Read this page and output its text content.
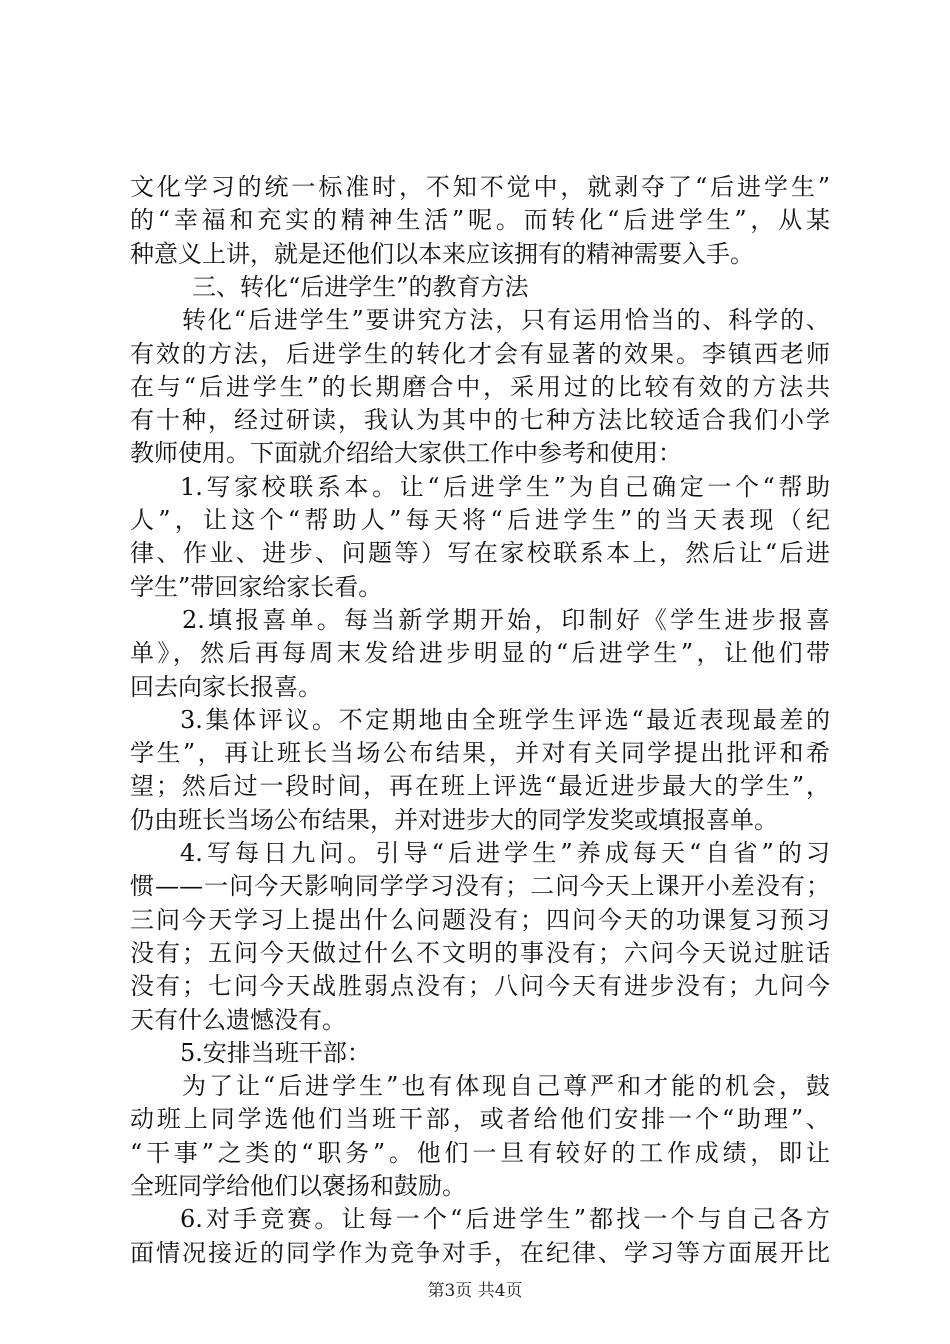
文化学习的统一标准时，不知不觉中，就剥夺了“后进学生”
的“幸福和充实的精神生活”呢。而转化“后进学生”，从某
种意义上讲，就是还他们以本来应该拥有的精神需要入手。
三、转化“后进学生”的教育方法
转化“后进学生”要讲究方法，只有运用恰当的、科学的、
有效的方法，后进学生的转化才会有显著的效果。李镇西老师
在与“后进学生”的长期磨合中，采用过的比较有效的方法共
有十种，经过研读，我认为其中的七种方法比较适合我们小学
教师使用。下面就介绍给大家供工作中参考和使用：
1.写家校联系本。让“后进学生”为自己确定一个“帮助
人”，让这个“帮助人”每天将“后进学生”的当天表现（纪
律、作业、进步、问题等）写在家校联系本上，然后让“后进
学生”带回家给家长看。
2.填报喜单。每当新学期开始，印制好《学生进步报喜
单》，然后再每周末发给进步明显的“后进学生”，让他们带
回去向家长报喜。
3.集体评议。不定期地由全班学生评选“最近表现最差的
学生”，再让班长当场公布结果，并对有关同学提出批评和希
望；然后过一段时间，再在班上评选“最近进步最大的学生”，
仍由班长当场公布结果，并对进步大的同学发奖或填报喜单。
4.写每日九问。引导“后进学生”养成每天“自省”的习
惯——一问今天影响同学学习没有；二问今天上课开小差没有；
三问今天学习上提出什么问题没有；四问今天的功课复习预习
没有；五问今天做过什么不文明的事没有；六问今天说过脏话
没有；七问今天战胜弱点没有；八问今天有进步没有；九问今
天有什么遗憾没有。
5.安排当班干部：
为了让“后进学生”也有体现自己尊严和才能的机会，鼓
动班上同学选他们当班干部，或者给他们安排一个“助理”、
“干事”之类的“职务”。他们一旦有较好的工作成绩，即让
全班同学给他们以褒扬和鼓励。
6.对手竞赛。让每一个“后进学生”都找一个与自己各方
面情况接近的同学作为竞争对手，在纪律、学习等方面展开比
第3页 共4页
